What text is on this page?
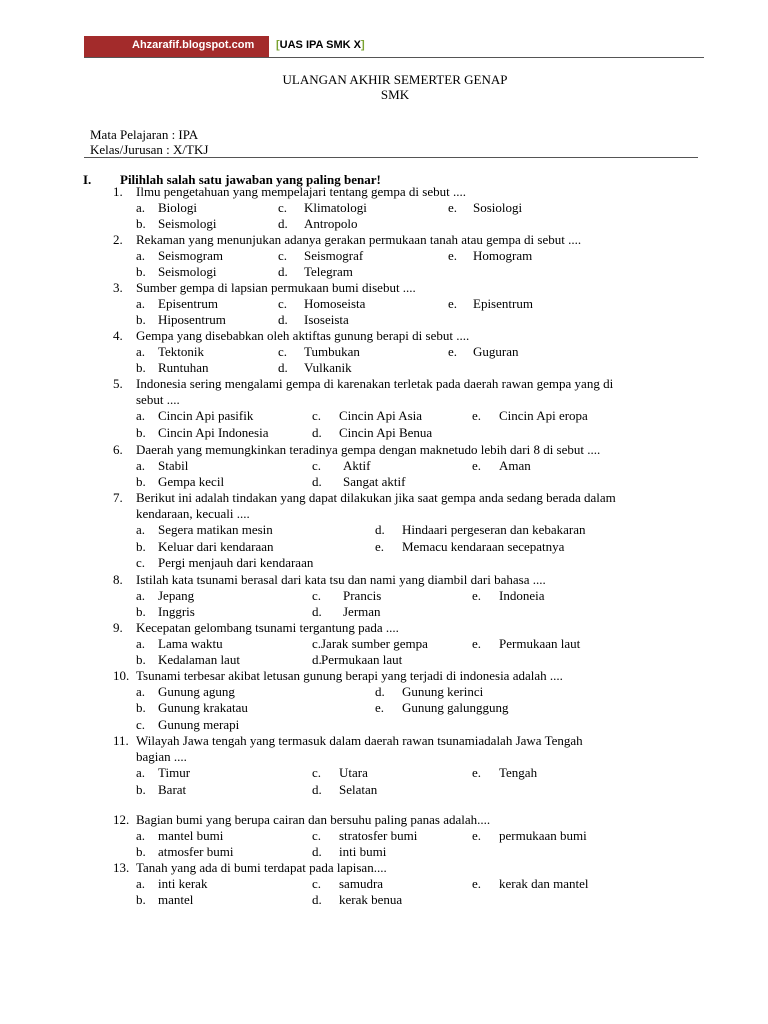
Ahzarafif.blogspot.com [UAS IPA SMK X]
ULANGAN AKHIR SEMERTER GENAP
SMK
Mata Pelajaran : IPA
Kelas/Jurusan : X/TKJ
I. Pilihlah salah satu jawaban yang paling benar!
1. Ilmu pengetahuan yang mempelajari tentang gempa di sebut ....
a. Biologi	c. Klimatologi	e. Sosiologi
b. Seismologi	d. Antropolo
2. Rekaman yang menunjukan adanya gerakan permukaan tanah atau gempa di sebut ....
a. Seismogram	c. Seismograf	e. Homogram
b. Seismologi	d. Telegram
3. Sumber gempa di lapsian permukaan bumi disebut ....
a. Episentrum	c. Homoseista	e. Episentrum
b. Hiposentrum	d. Isoseista
4. Gempa yang disebabkan oleh aktiftas gunung berapi di sebut ....
a. Tektonik	c. Tumbukan	e. Guguran
b. Runtuhan	d. Vulkanik
5. Indonesia sering mengalami gempa di karenakan terletak pada daerah rawan gempa yang di
sebut ....
a. Cincin Api pasifik	c. Cincin Api Asia	e. Cincin Api eropa
b. Cincin Api Indonesia	d. Cincin Api Benua
6. Daerah yang memungkinkan teradinya gempa dengan maknetudo lebih dari 8 di sebut ....
a. Stabil	c. Aktif	e. Aman
b. Gempa kecil	d. Sangat aktif
7. Berikut ini adalah tindakan yang dapat dilakukan jika saat gempa anda sedang berada dalam
kendaraan, kecuali ....
a. Segera matikan mesin	d. Hindaari pergeseran dan kebakaran
b. Keluar dari kendaraan	e. Memacu kendaraan secepatnya
c. Pergi menjauh dari kendaraan
8. Istilah kata tsunami berasal dari kata tsu dan nami yang diambil dari bahasa ....
a. Jepang	c. Prancis	e. Indoneia
b. Inggris	d. Jerman
9. Kecepatan gelombang tsunami tergantung pada ....
a. Lama waktu	c. Jarak sumber gempa	e. Permukaan laut
b. Kedalaman laut	d. Permukaan laut
10. Tsunami terbesar akibat letusan gunung berapi yang terjadi di indonesia adalah ....
a. Gunung agung	d. Gunung kerinci
b. Gunung krakatau	e. Gunung galunggung
c. Gunung merapi
11. Wilayah Jawa tengah yang termasuk dalam daerah rawan tsunamiadalah Jawa Tengah
bagian ....
a. Timur	c. Utara	e. Tengah
b. Barat	d. Selatan
12. Bagian bumi yang berupa cairan dan bersuhu paling panas adalah....
a. mantel bumi	c. stratosfer bumi	e. permukaan bumi
b. atmosfer bumi	d. inti bumi
13. Tanah yang ada di bumi terdapat pada lapisan....
a. inti kerak	c. samudra	e. kerak dan mantel
b. mantel	d. kerak benua
